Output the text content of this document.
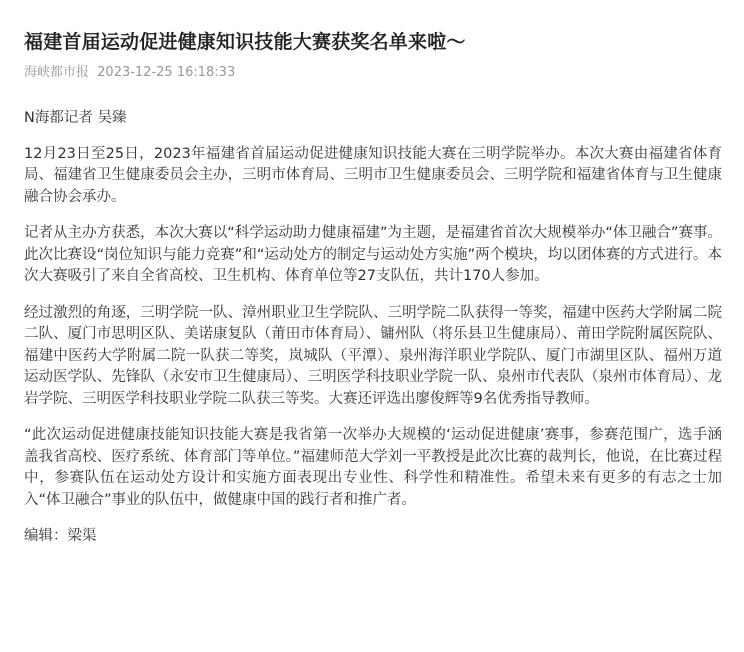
福建首届运动促进健康知识技能大赛获奖名单来啦～
海峡都市报 2023-12-25 16:18:33

N海都记者 吴臻

12月23日至25日，2023年福建省首届运动促进健康知识技能大赛在三明学院举办。本次大赛由福建省体育局、福建省卫生健康委员会主办，三明市体育局、三明市卫生健康委员会、三明学院和福建省体育与卫生健康融合协会承办。

记者从主办方获悉，本次大赛以“科学运动助力健康福建”为主题，是福建省首次大规模举办“体卫融合”赛事。此次比赛设“岗位知识与能力竞赛”和“运动处方的制定与运动处方实施”两个模块，均以团体赛的方式进行。本次大赛吸引了来自全省高校、卫生机构、体育单位等27支队伍，共计170人参加。

经过激烈的角逐，三明学院一队、漳州职业卫生学院队、三明学院二队获得一等奖，福建中医药大学附属二院二队、厦门市思明区队、美诺康复队（莆田市体育局）、镛州队（将乐县卫生健康局）、莆田学院附属医院队、福建中医药大学附属二院一队获二等奖，岚城队（平潭）、泉州海洋职业学院队、厦门市湖里区队、福州万道运动医学队、先锋队（永安市卫生健康局）、三明医学科技职业学院一队、泉州市代表队（泉州市体育局）、龙岩学院、三明医学科技职业学院二队获三等奖。大赛还评选出廖俊辉等9名优秀指导教师。

“此次运动促进健康技能知识技能大赛是我省第一次举办大规模的‘运动促进健康’赛事，参赛范围广，选手涵盖我省高校、医疗系统、体育部门等单位。”福建师范大学刘一平教授是此次比赛的裁判长，他说，在比赛过程中，参赛队伍在运动处方设计和实施方面表现出专业性、科学性和精准性。希望未来有更多的有志之士加入“体卫融合”事业的队伍中，做健康中国的践行者和推广者。

编辑：梁渠
